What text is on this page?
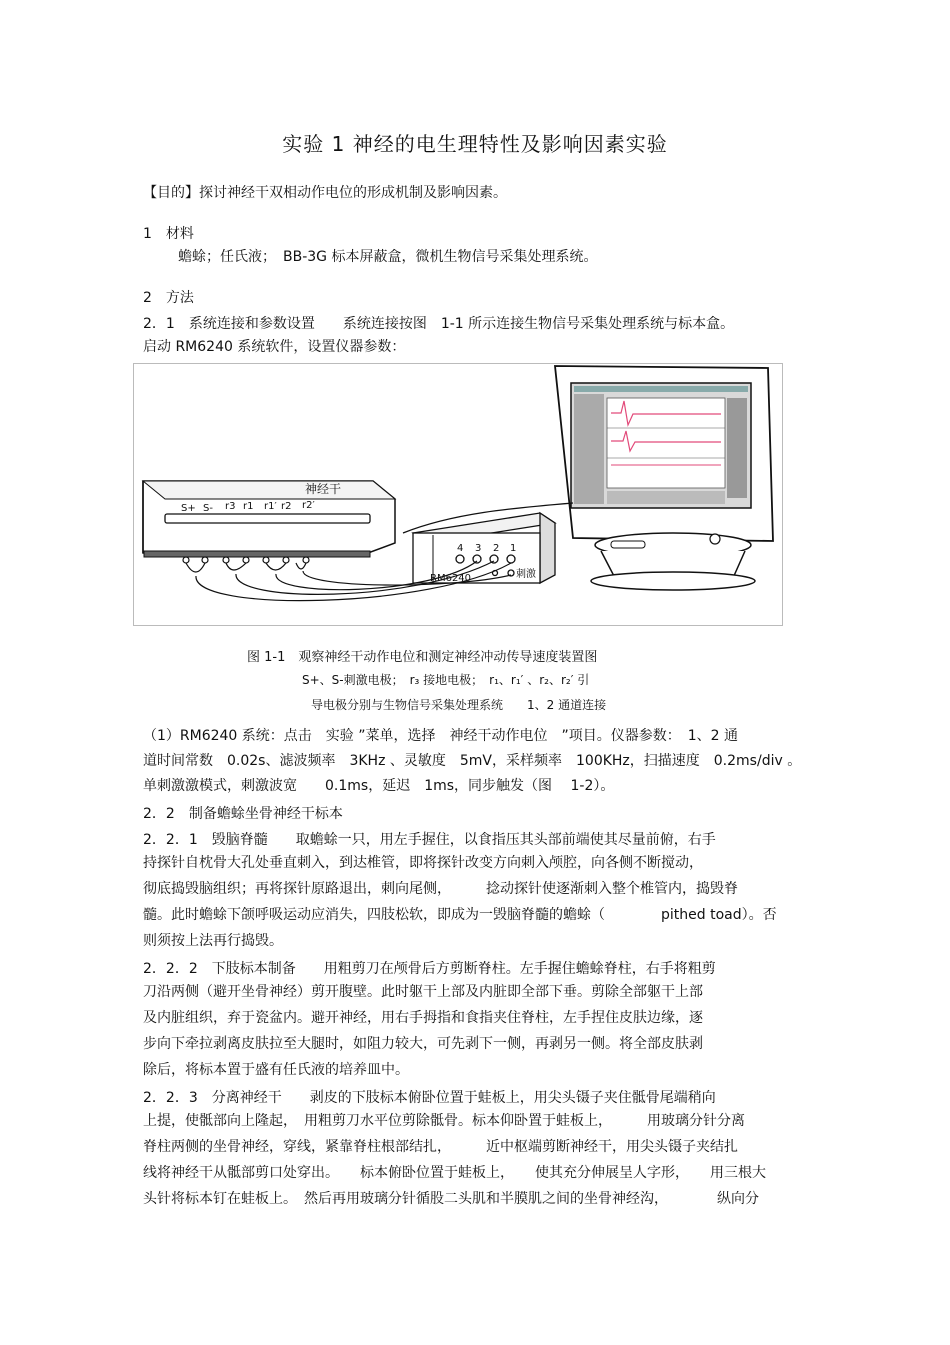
实验 1 神经的电生理特性及影响因素实验
【目的】探讨神经干双相动作电位的形成机制及影响因素。
1　材料
蟾蜍；任氏液；　BB-3G 标本屏蔽盒，微机生物信号采集处理系统。
2　方法
2．1　系统连接和参数设置　　系统连接按图　1-1 所示连接生物信号采集处理系统与标本盒。
启动 RM6240 系统软件，设置仪器参数：
神经干
S+ S- r3 r1 r1′ r2 r2′
4 3 2 1
RM6240	刺激
图 1-1　观察神经干动作电位和测定神经冲动传导速度装置图
S+、S-刺激电极；　r₃ 接地电极；　r₁、r₁′ 、r₂、r₂′ 引
导电极分别与生物信号采集处理系统　　1、2 通道连接
（1）RM6240 系统：点击　实验 ”菜单，选择　神经干动作电位　”项目。仪器参数：　1、2 通
道时间常数　0.02s、滤波频率　3KHz 、灵敏度　5mV，采样频率　100KHz，扫描速度　0.2ms/div 。
单刺激激模式，刺激波宽　　0.1ms，延迟　1ms，同步触发（图　 1-2）。
2．2　制备蟾蜍坐骨神经干标本
2．2．1　毁脑脊髓　　取蟾蜍一只，用左手握住，以食指压其头部前端使其尽量前俯，右手
持探针自枕骨大孔处垂直刺入，到达椎管，即将探针改变方向刺入颅腔，向各侧不断搅动，
彻底捣毁脑组织；再将探针原路退出，刺向尾侧，　　　捻动探针使逐渐刺入整个椎管内，捣毁脊
髓。此时蟾蜍下颌呼吸运动应消失，四肢松软，即成为一毁脑脊髓的蟾蜍（　　　　pithed toad）。否
则须按上法再行捣毁。
2．2．2　下肢标本制备　　用粗剪刀在颅骨后方剪断脊柱。左手握住蟾蜍脊柱，右手将粗剪
刀沿两侧（避开坐骨神经）剪开腹壁。此时躯干上部及内脏即全部下垂。剪除全部躯干上部
及内脏组织，弃于瓷盆内。避开神经，用右手拇指和食指夹住脊柱，左手捏住皮肤边缘，逐
步向下牵拉剥离皮肤拉至大腿时，如阻力较大，可先剥下一侧，再剥另一侧。将全部皮肤剥
除后，将标本置于盛有任氏液的培养皿中。
2．2．3　分离神经干　　剥皮的下肢标本俯卧位置于蛙板上，用尖头镊子夹住骶骨尾端稍向
上提，使骶部向上隆起，　用粗剪刀水平位剪除骶骨。标本仰卧置于蛙板上，　　　用玻璃分针分离
脊柱两侧的坐骨神经，穿线，紧靠脊柱根部结扎，　　　近中枢端剪断神经干，用尖头镊子夹结扎
线将神经干从骶部剪口处穿出。　　标本俯卧位置于蛙板上，　　使其充分伸展呈人字形，　　用三根大
头针将标本钉在蛙板上。　然后再用玻璃分针循股二头肌和半膜肌之间的坐骨神经沟，　　　　纵向分
